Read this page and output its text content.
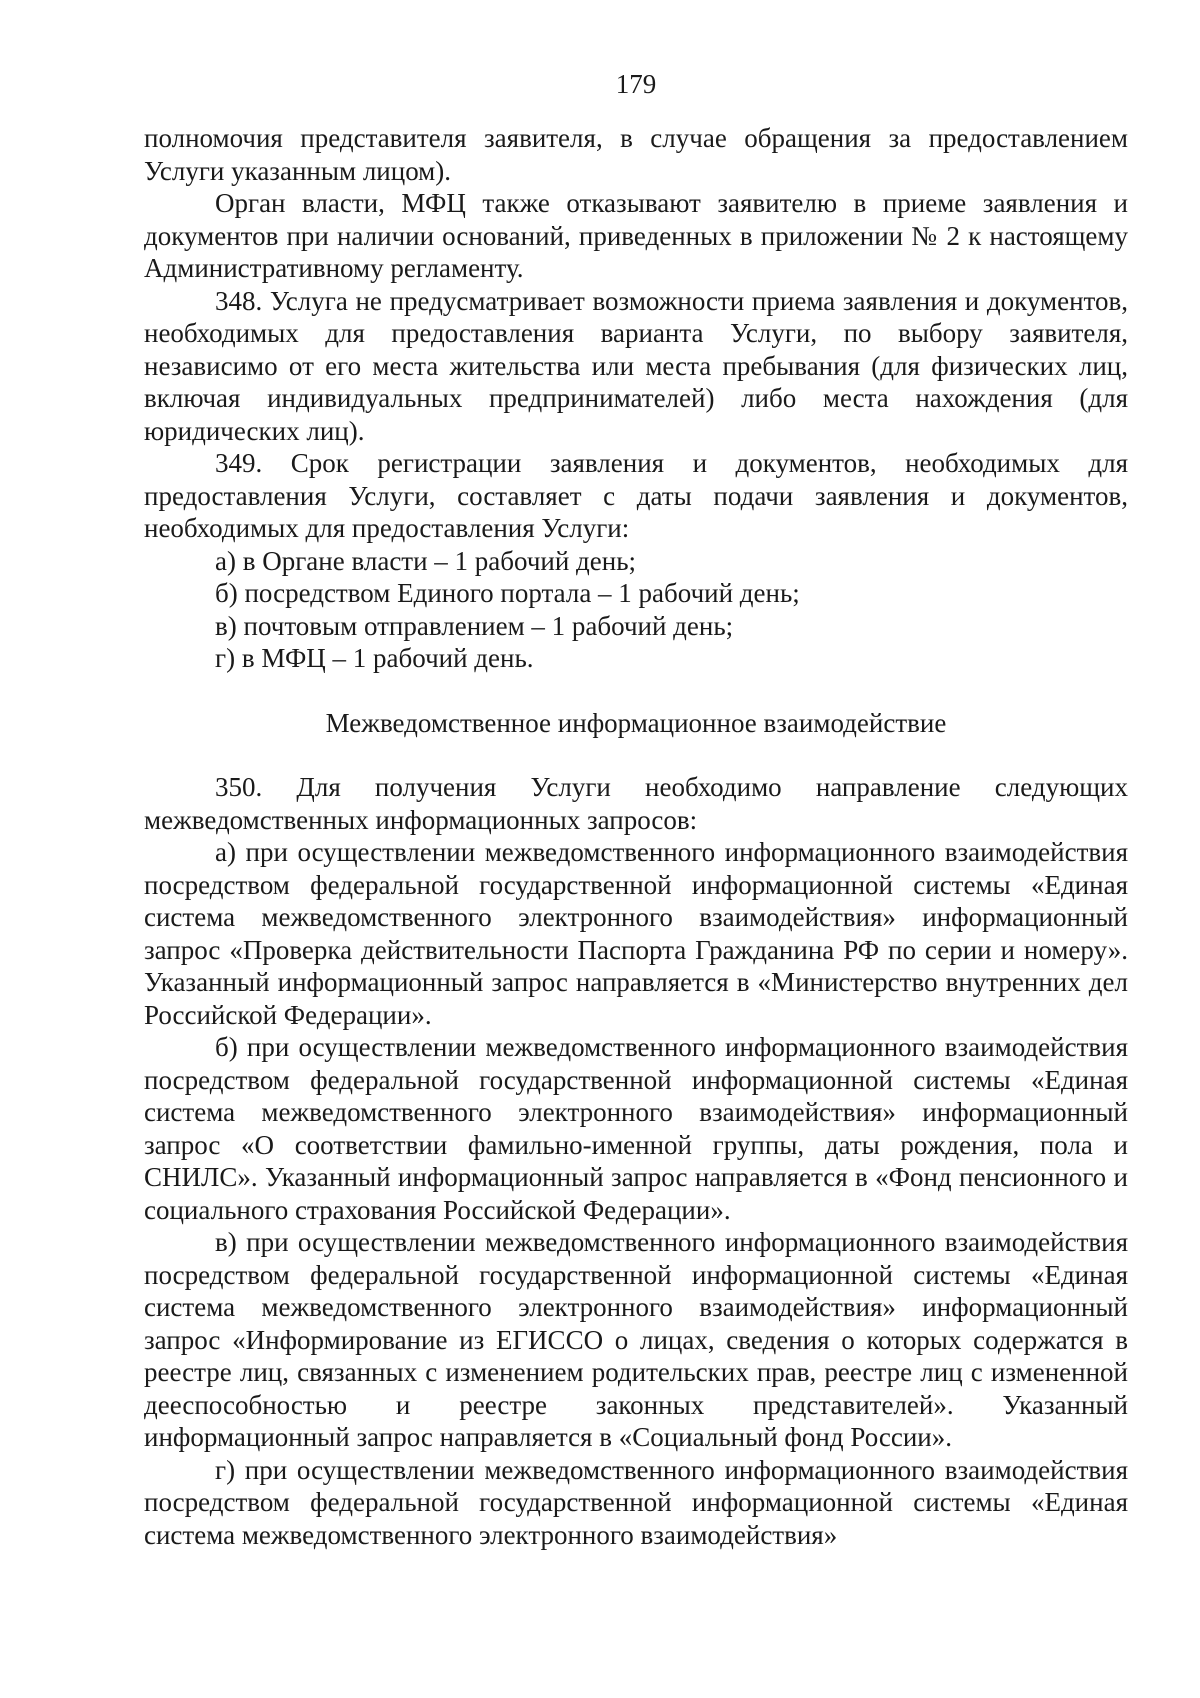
179

полномочия представителя заявителя, в случае обращения за предоставлением Услуги указанным лицом).

Орган власти, МФЦ также отказывают заявителю в приеме заявления и документов при наличии оснований, приведенных в приложении № 2 к настоящему Административному регламенту.

348. Услуга не предусматривает возможности приема заявления и документов, необходимых для предоставления варианта Услуги, по выбору заявителя, независимо от его места жительства или места пребывания (для физических лиц, включая индивидуальных предпринимателей) либо места нахождения (для юридических лиц).

349. Срок регистрации заявления и документов, необходимых для предоставления Услуги, составляет с даты подачи заявления и документов, необходимых для предоставления Услуги:

а) в Органе власти – 1 рабочий день;

б) посредством Единого портала – 1 рабочий день;

в) почтовым отправлением – 1 рабочий день;

г) в МФЦ – 1 рабочий день.

Межведомственное информационное взаимодействие

350. Для получения Услуги необходимо направление следующих межведомственных информационных запросов:

а) при осуществлении межведомственного информационного взаимодействия посредством федеральной государственной информационной системы «Единая система межведомственного электронного взаимодействия» информационный запрос «Проверка действительности Паспорта Гражданина РФ по серии и номеру». Указанный информационный запрос направляется в «Министерство внутренних дел Российской Федерации».

б) при осуществлении межведомственного информационного взаимодействия посредством федеральной государственной информационной системы «Единая система межведомственного электронного взаимодействия» информационный запрос «О соответствии фамильно-именной группы, даты рождения, пола и СНИЛС». Указанный информационный запрос направляется в «Фонд пенсионного и социального страхования Российской Федерации».

в) при осуществлении межведомственного информационного взаимодействия посредством федеральной государственной информационной системы «Единая система межведомственного электронного взаимодействия» информационный запрос «Информирование из ЕГИССО о лицах, сведения о которых содержатся в реестре лиц, связанных с изменением родительских прав, реестре лиц с измененной дееспособностью и реестре законных представителей». Указанный информационный запрос направляется в «Социальный фонд России».

г) при осуществлении межведомственного информационного взаимодействия посредством федеральной государственной информационной системы «Единая система межведомственного электронного взаимодействия»
